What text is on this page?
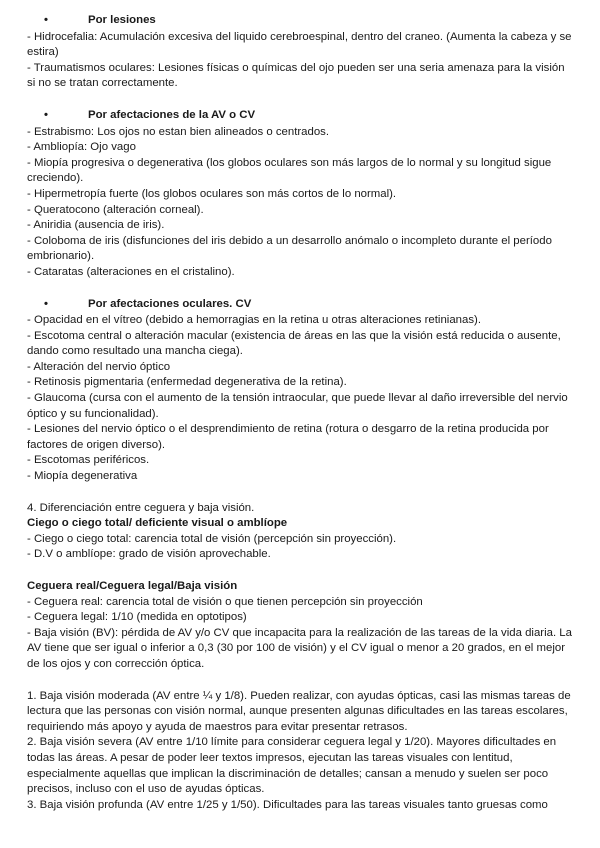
•	Por lesiones

- Hidrocefalia: Acumulación excesiva del liquido cerebroespinal, dentro del craneo. (Aumenta la cabeza y se estira)

- Traumatismos oculares: Lesiones físicas o químicas del ojo pueden ser una seria amenaza para la visión si no se tratan correctamente.

•	Por afectaciones de la AV o CV

- Estrabismo: Los ojos no estan bien alineados o centrados.

- Ambliopía: Ojo vago

- Miopía progresiva o degenerativa (los globos oculares son más largos de lo normal y su longitud sigue creciendo).

- Hipermetropía fuerte (los globos oculares son más cortos de lo normal).

- Queratocono (alteración corneal).

- Aniridia (ausencia de iris).

- Coloboma de iris (disfunciones del iris debido a un desarrollo anómalo o incompleto durante el período embrionario).

- Cataratas (alteraciones en el cristalino).

•	Por afectaciones oculares. CV

- Opacidad en el vítreo (debido a hemorragias en la retina u otras alteraciones retinianas).

- Escotoma central o alteración macular (existencia de áreas en las que la visión está reducida o ausente, dando como resultado una mancha ciega).

- Alteración del nervio óptico

- Retinosis pigmentaria (enfermedad degenerativa de la retina).

- Glaucoma (cursa con el aumento de la tensión intraocular, que puede llevar al daño irreversible del nervio óptico y su funcionalidad).

- Lesiones del nervio óptico o el desprendimiento de retina (rotura o desgarro de la retina producida por factores de origen diverso).

- Escotomas periféricos.

- Miopía degenerativa

4. Diferenciación entre ceguera y baja visión.

Ciego o ciego total/ deficiente visual o amblíope

- Ciego o ciego total: carencia total de visión (percepción sin proyección).

- D.V o amblíope: grado de visión aprovechable.

Ceguera real/Ceguera legal/Baja visión

- Ceguera real: carencia total de visión o que tienen percepción sin proyección

- Ceguera legal: 1/10 (medida en optotipos)

- Baja visión (BV): pérdida de AV y/o CV que incapacita para la realización de las tareas de la vida diaria. La AV tiene que ser igual o inferior a 0,3 (30 por 100 de visión) y el CV igual o menor a 20 grados, en el mejor de los ojos y con corrección óptica.

1. Baja visión moderada (AV entre ¼ y 1/8). Pueden realizar, con ayudas ópticas, casi las mismas tareas de lectura que las personas con visión normal, aunque presenten algunas dificultades en las tareas escolares, requiriendo más apoyo y ayuda de maestros para evitar presentar retrasos.

2. Baja visión severa (AV entre 1/10 límite para considerar ceguera legal y 1/20). Mayores dificultades en todas las áreas. A pesar de poder leer textos impresos, ejecutan las tareas visuales con lentitud, especialmente aquellas que implican la discriminación de detalles; cansan a menudo y suelen ser poco precisos, incluso con el uso de ayudas ópticas.

3. Baja visión profunda (AV entre 1/25 y 1/50). Dificultades para las tareas visuales tanto gruesas como
